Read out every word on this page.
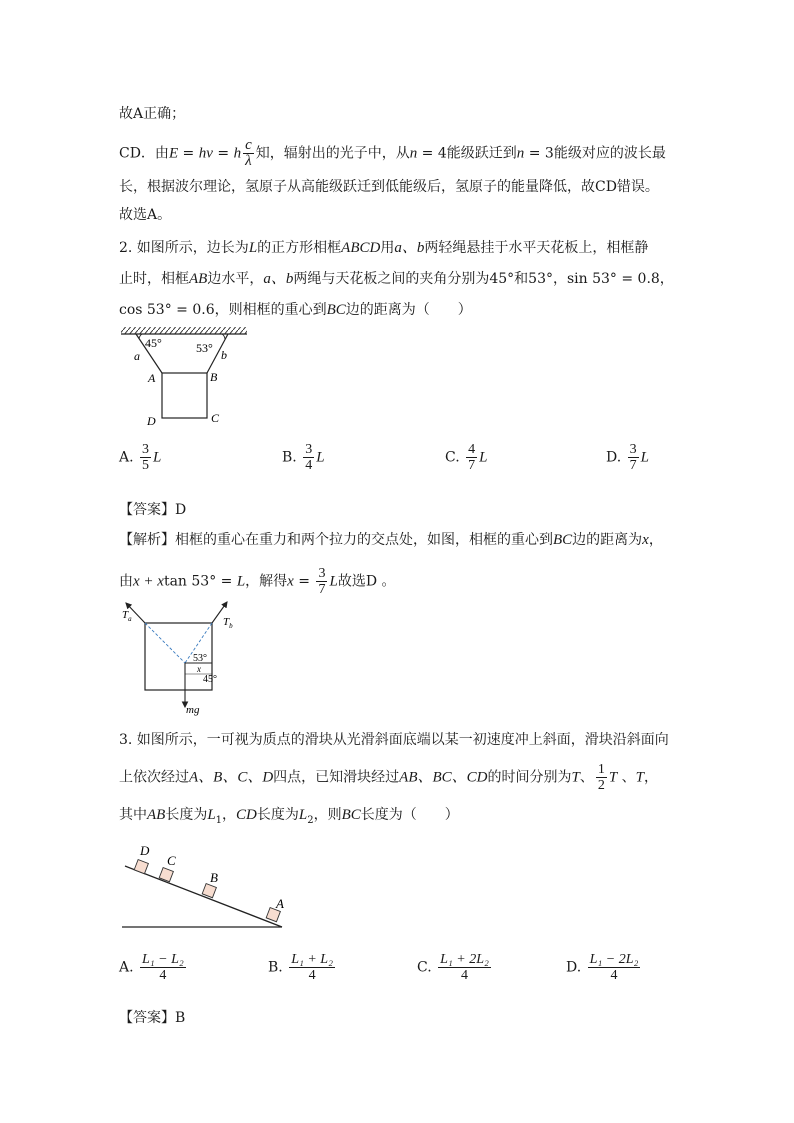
故A正确；
CD．由E = hν = h $\frac{c}{\lambda}$ 知，辐射出的光子中，从n = 4能级跃迁到n = 3能级对应的波长最
长，根据波尔理论，氢原子从高能级跃迁到低能级后，氢原子的能量降低，故CD错误。
故选A。
2. 如图所示，边长为L的正方形相框ABCD用a、b两轻绳悬挂于水平天花板上，相框静
止时，相框AB边水平，a、b两绳与天花板之间的夹角分别为45°和53°，sin 53° = 0.8，
cos 53° = 0.6，则相框的重心到BC边的距离为（　　）
45°	53°
a	b
A	B
C
D
A. $\frac{3}{5}$ L	B. $\frac{3}{4}$ L	C. $\frac{4}{7}$ L	D. $\frac{3}{7}$ L
【答案】D
【解析】相框的重心在重力和两个拉力的交点处，如图，相框的重心到BC边的距离为x，
由x + xtan 53° = L，解得$x = \frac{3}{7}$ L故选D 。
$T_a$	$T_b$
53°
x
45°
mg
3. 如图所示，一可视为质点的滑块从光滑斜面底端以某一初速度冲上斜面，滑块沿斜面向
上依次经过A、B、C、D四点，已知滑块经过AB、BC、CD的时间分别为T、 $\frac{1}{2}$ T 、T，
其中AB长度为$L_1$，CD长度为$L_2$，则BC长度为（　　）
D
C
B
A
A. $\frac{\text{L₁ − L₂}}{4}$	B. $\frac{\text{L₁ + L₂}}{4}$	C. $\frac{\text{L₁ + 2L₂}}{4}$	D. $\frac{\text{L₁ − 2L₂}}{4}$
【答案】B
